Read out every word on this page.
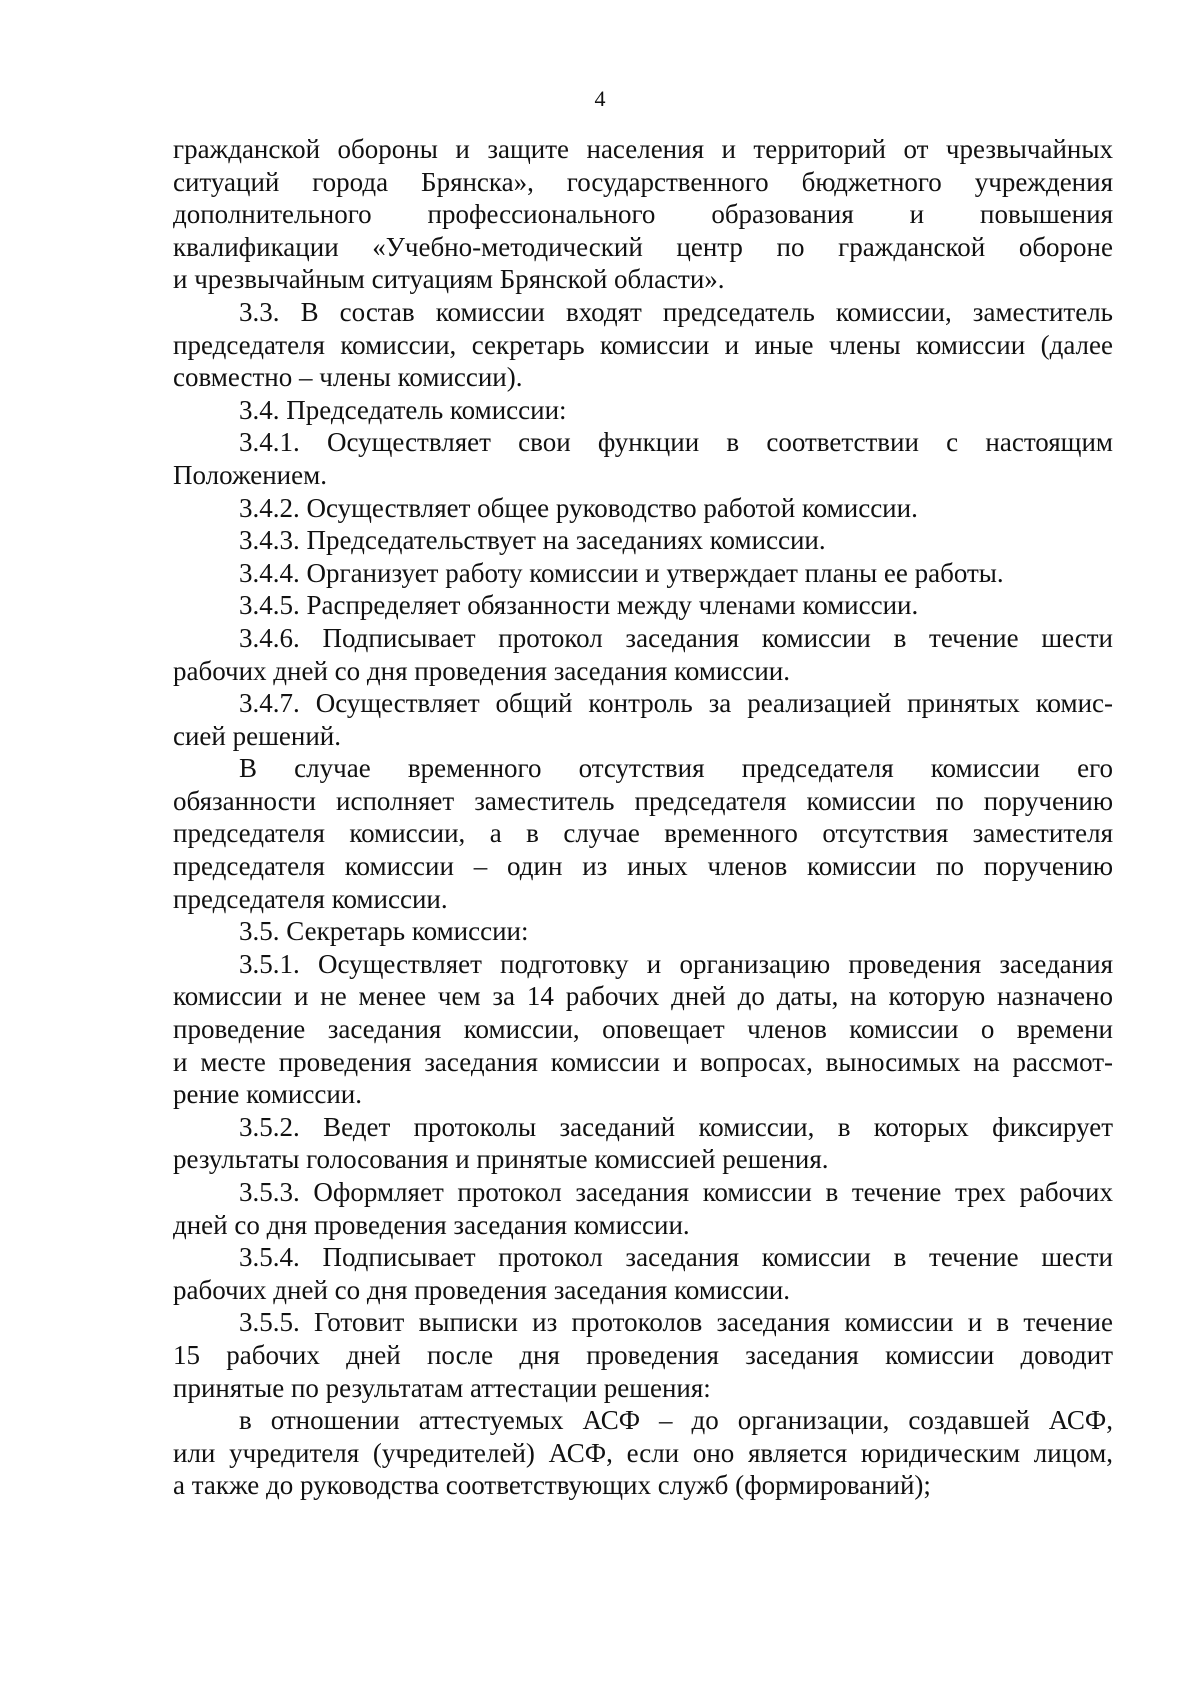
4
гражданской обороны и защите населения и территорий от чрезвычайных
ситуаций города Брянска», государственного бюджетного учреждения
дополнительного профессионального образования и повышения
квалификации «Учебно-методический центр по гражданской обороне
и чрезвычайным ситуациям Брянской области».
3.3. В состав комиссии входят председатель комиссии, заместитель
председателя комиссии, секретарь комиссии и иные члены комиссии (далее
совместно – члены комиссии).
3.4. Председатель комиссии:
3.4.1. Осуществляет свои функции в соответствии с настоящим
Положением.
3.4.2. Осуществляет общее руководство работой комиссии.
3.4.3. Председательствует на заседаниях комиссии.
3.4.4. Организует работу комиссии и утверждает планы ее работы.
3.4.5. Распределяет обязанности между членами комиссии.
3.4.6. Подписывает протокол заседания комиссии в течение шести
рабочих дней со дня проведения заседания комиссии.
3.4.7. Осуществляет общий контроль за реализацией принятых комис-
сией решений.
В случае временного отсутствия председателя комиссии его
обязанности исполняет заместитель председателя комиссии по поручению
председателя комиссии, а в случае временного отсутствия заместителя
председателя комиссии – один из иных членов комиссии по поручению
председателя комиссии.
3.5. Секретарь комиссии:
3.5.1. Осуществляет подготовку и организацию проведения заседания
комиссии и не менее чем за 14 рабочих дней до даты, на которую назначено
проведение заседания комиссии, оповещает членов комиссии о времени
и месте проведения заседания комиссии и вопросах, выносимых на рассмот-
рение комиссии.
3.5.2. Ведет протоколы заседаний комиссии, в которых фиксирует
результаты голосования и принятые комиссией решения.
3.5.3. Оформляет протокол заседания комиссии в течение трех рабочих
дней со дня проведения заседания комиссии.
3.5.4. Подписывает протокол заседания комиссии в течение шести
рабочих дней со дня проведения заседания комиссии.
3.5.5. Готовит выписки из протоколов заседания комиссии и в течение
15 рабочих дней после дня проведения заседания комиссии доводит
принятые по результатам аттестации решения:
в отношении аттестуемых АСФ – до организации, создавшей АСФ,
или учредителя (учредителей) АСФ, если оно является юридическим лицом,
а также до руководства соответствующих служб (формирований);
